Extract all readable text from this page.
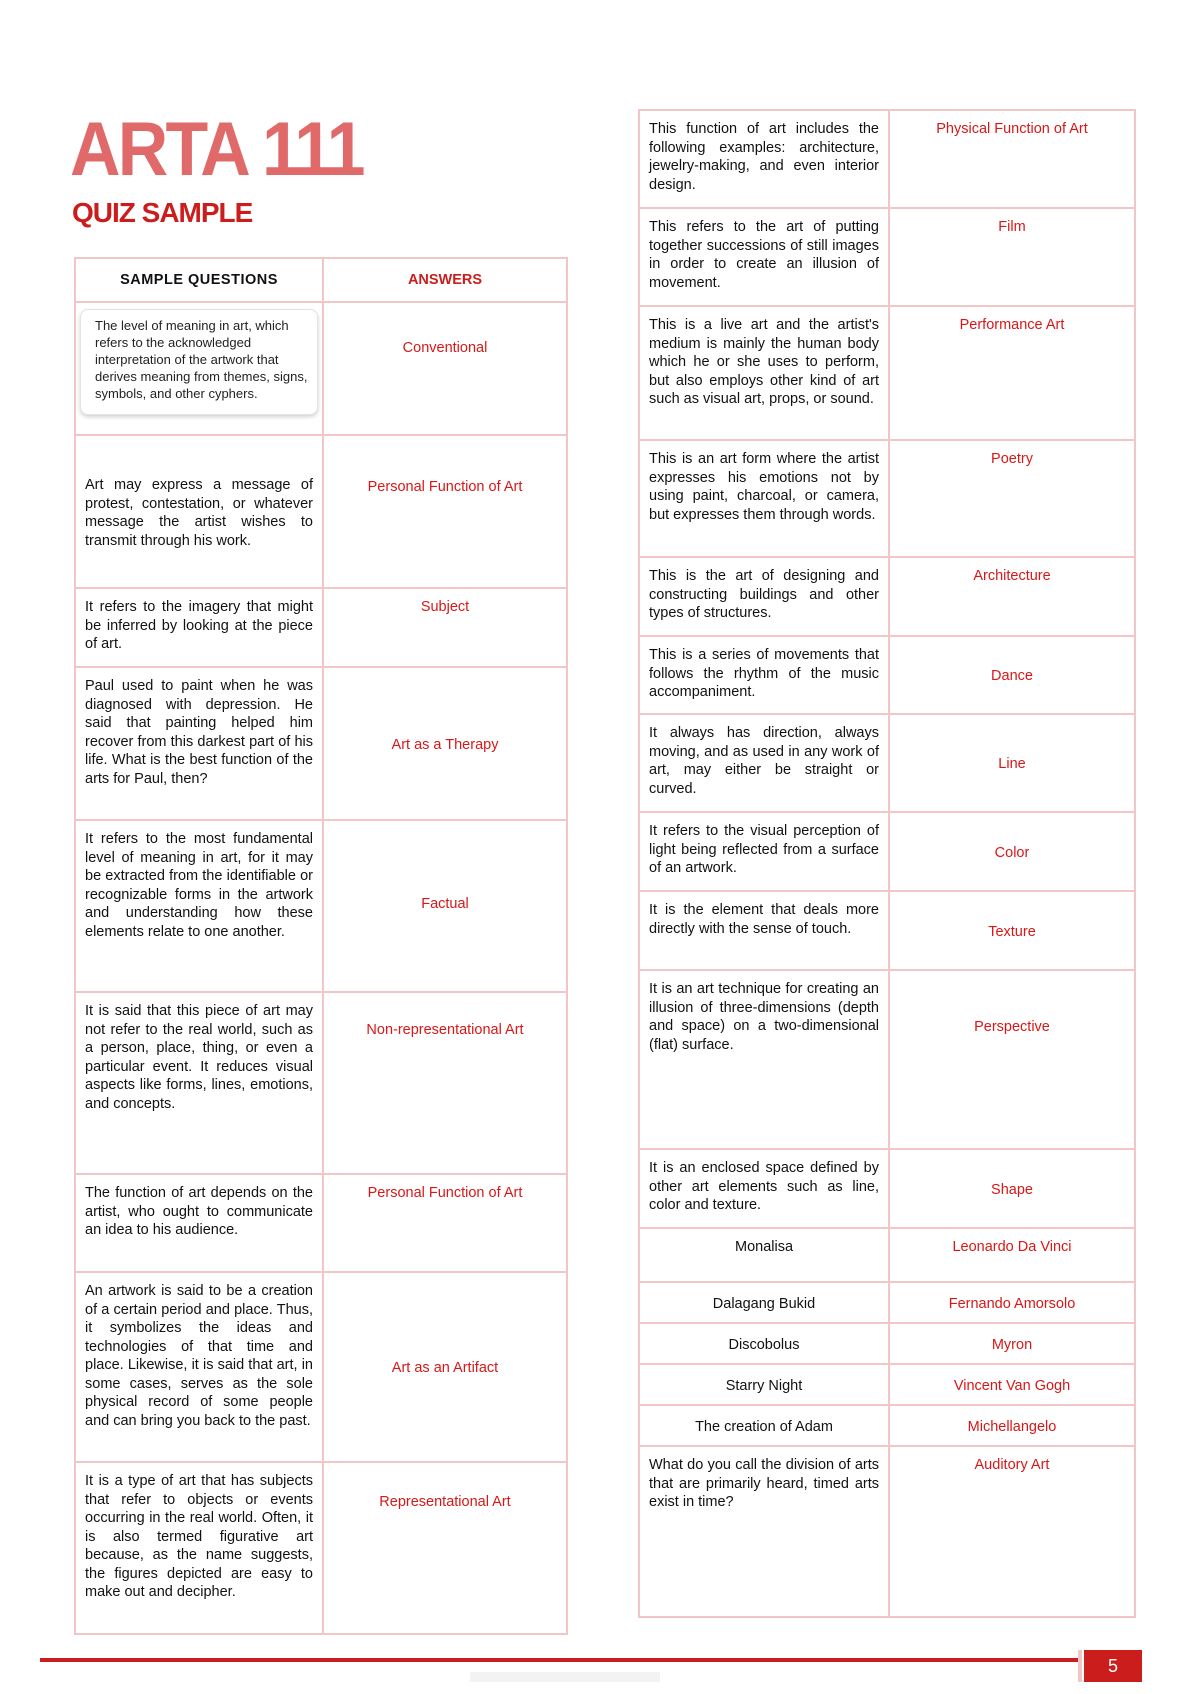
ARTA 111
QUIZ SAMPLE
SAMPLE QUESTIONS	ANSWERS

The level of meaning in art, which refers to the acknowledged interpretation of the artwork that derives meaning from themes, signs, symbols, and other cyphers.	Conventional
Art may express a message of protest, contestation, or whatever message the artist wishes to transmit through his work.	Personal Function of Art
It refers to the imagery that might be inferred by looking at the piece of art.	Subject
Paul used to paint when he was diagnosed with depression. He said that painting helped him recover from this darkest part of his life. What is the best function of the arts for Paul, then?	Art as a Therapy
It refers to the most fundamental level of meaning in art, for it may be extracted from the identifiable or recognizable forms in the artwork and understanding how these elements relate to one another.	Factual
It is said that this piece of art may not refer to the real world, such as a person, place, thing, or even a particular event. It reduces visual aspects like forms, lines, emotions, and concepts.	Non-representational Art
The function of art depends on the artist, who ought to communicate an idea to his audience.	Personal Function of Art
An artwork is said to be a creation of a certain period and place. Thus, it symbolizes the ideas and technologies of that time and place. Likewise, it is said that art, in some cases, serves as the sole physical record of some people and can bring you back to the past.	Art as an Artifact
It is a type of art that has subjects that refer to objects or events occurring in the real world. Often, it is also termed figurative art because, as the name suggests, the figures depicted are easy to make out and decipher.	Representational Art
This function of art includes the following examples: architecture, jewelry-making, and even interior design.	Physical Function of Art
This refers to the art of putting together successions of still images in order to create an illusion of movement.	Film
This is a live art and the artist's medium is mainly the human body which he or she uses to perform, but also employs other kind of art such as visual art, props, or sound.	Performance Art
This is an art form where the artist expresses his emotions not by using paint, charcoal, or camera, but expresses them through words.	Poetry
This is the art of designing and constructing buildings and other types of structures.	Architecture
This is a series of movements that follows the rhythm of the music accompaniment.	Dance
It always has direction, always moving, and as used in any work of art, may either be straight or curved.	Line
It refers to the visual perception of light being reflected from a surface of an artwork.	Color
It is the element that deals more directly with the sense of touch.	Texture
It is an art technique for creating an illusion of three-dimensions (depth and space) on a two-dimensional (flat) surface.	Perspective
It is an enclosed space defined by other art elements such as line, color and texture.	Shape
Monalisa	Leonardo Da Vinci
Dalagang Bukid	Fernando Amorsolo
Discobolus	Myron
Starry Night	Vincent Van Gogh
The creation of Adam	Michellangelo
What do you call the division of arts that are primarily heard, timed arts exist in time?	Auditory Art
5
